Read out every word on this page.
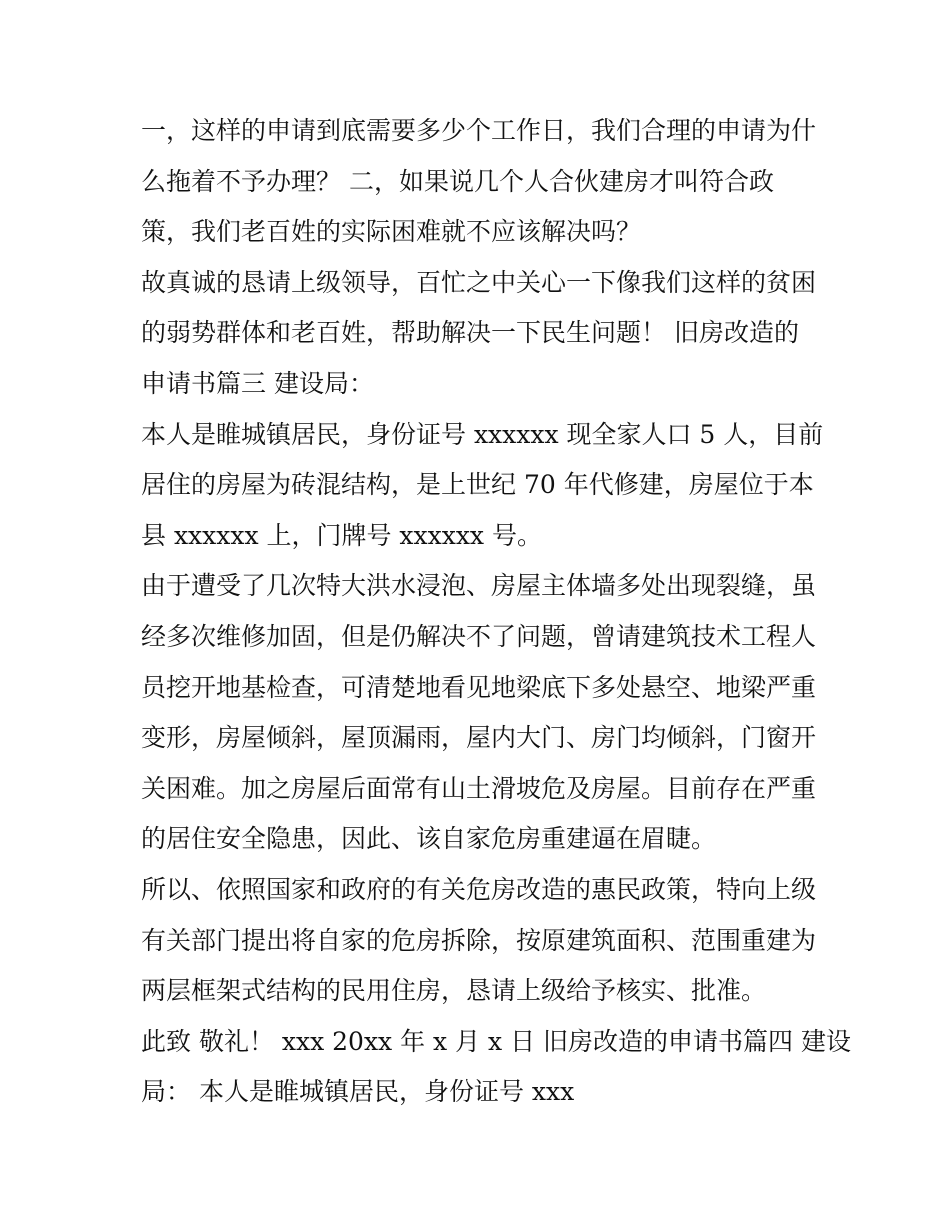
一，这样的申请到底需要多少个工作日，我们合理的申请为什
么拖着不予办理？ 二，如果说几个人合伙建房才叫符合政
策，我们老百姓的实际困难就不应该解决吗？
故真诚的恳请上级领导，百忙之中关心一下像我们这样的贫困
的弱势群体和老百姓，帮助解决一下民生问题！ 旧房改造的
申请书篇三 建设局：
本人是睢城镇居民，身份证号 xxxxxx 现全家人口 5 人，目前
居住的房屋为砖混结构，是上世纪 70 年代修建，房屋位于本
县 xxxxxx 上，门牌号 xxxxxx 号。
由于遭受了几次特大洪水浸泡、房屋主体墙多处出现裂缝，虽
经多次维修加固，但是仍解决不了问题，曾请建筑技术工程人
员挖开地基检查，可清楚地看见地梁底下多处悬空、地梁严重
变形，房屋倾斜，屋顶漏雨，屋内大门、房门均倾斜，门窗开
关困难。加之房屋后面常有山土滑坡危及房屋。目前存在严重
的居住安全隐患，因此、该自家危房重建逼在眉睫。
所以、依照国家和政府的有关危房改造的惠民政策，特向上级
有关部门提出将自家的危房拆除，按原建筑面积、范围重建为
两层框架式结构的民用住房，恳请上级给予核实、批准。
此致 敬礼！ xxx 20xx 年 x 月 x 日 旧房改造的申请书篇四 建设
局： 本人是睢城镇居民，身份证号 xxx
